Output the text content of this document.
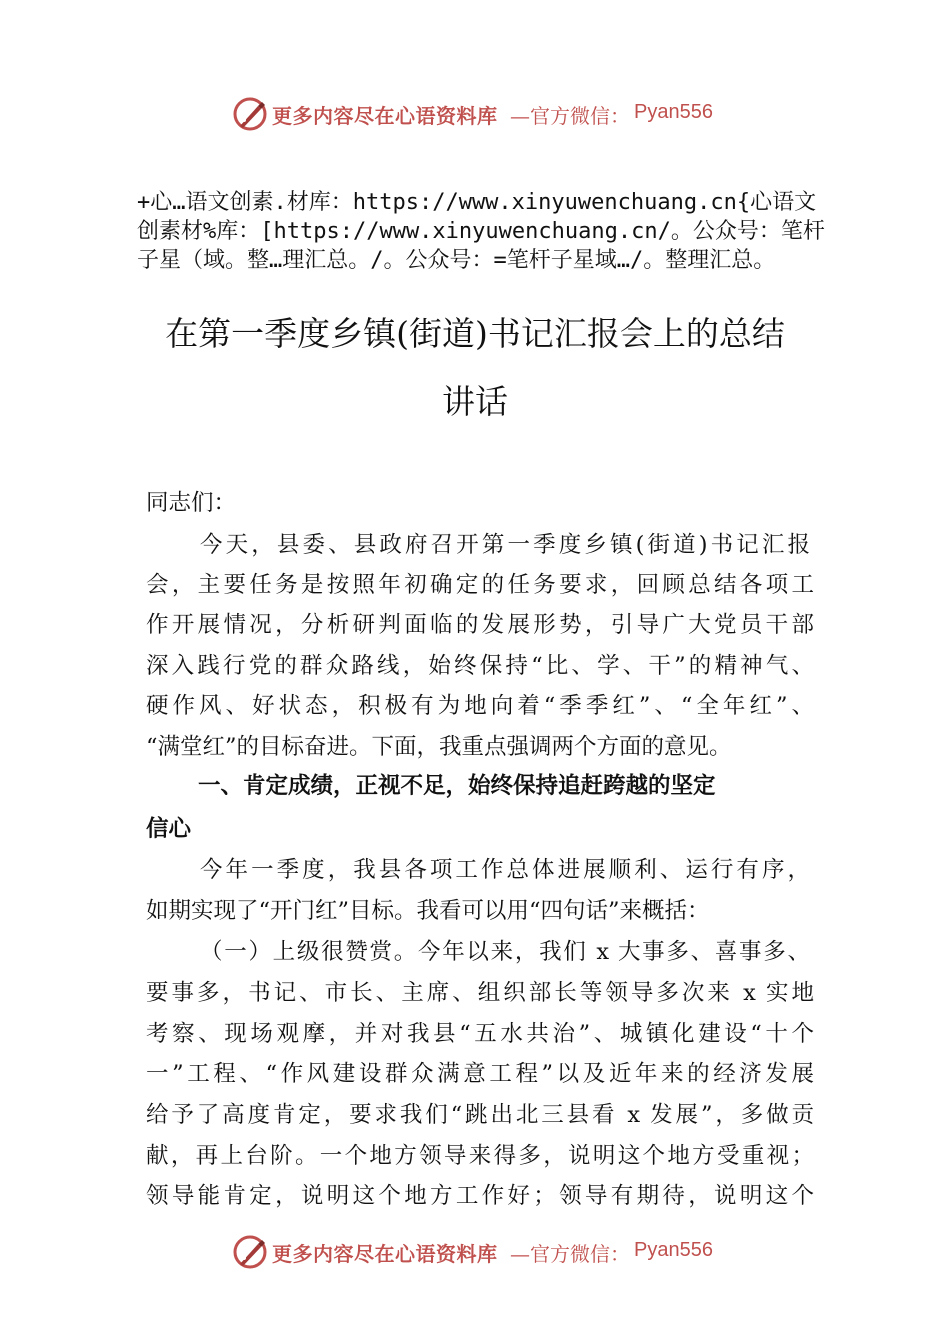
更多内容尽在心语资料库 —官方微信： Pyan556
+心…语文创素.材库：https://www.xinyuwenchuang.cn{心语文创素材%库：[https://www.xinyuwenchuang.cn/。公众号：笔杆子星（域。整…理汇总。/。公众号：=笔杆子星域…/。整理汇总。
在第一季度乡镇(街道)书记汇报会上的总结
讲话
同志们：
今天，县委、县政府召开第一季度乡镇(街道)书记汇报
会，主要任务是按照年初确定的任务要求，回顾总结各项工
作开展情况，分析研判面临的发展形势，引导广大党员干部
深入践行党的群众路线，始终保持“比、学、干”的精神气、
硬作风、好状态，积极有为地向着“季季红”、“全年红”、
“满堂红”的目标奋进。下面，我重点强调两个方面的意见。
一、肯定成绩，正视不足，始终保持追赶跨越的坚定
信心
今年一季度，我县各项工作总体进展顺利、运行有序，
如期实现了“开门红”目标。我看可以用“四句话”来概括：
（一）上级很赞赏。今年以来，我们 x 大事多、喜事多、
要事多，书记、市长、主席、组织部长等领导多次来 x 实地
考察、现场观摩，并对我县“五水共治”、城镇化建设“十个
一”工程、“作风建设群众满意工程”以及近年来的经济发展
给予了高度肯定，要求我们“跳出北三县看 x 发展”，多做贡
献，再上台阶。一个地方领导来得多，说明这个地方受重视；
领导能肯定，说明这个地方工作好；领导有期待，说明这个
更多内容尽在心语资料库 —官方微信： Pyan556
